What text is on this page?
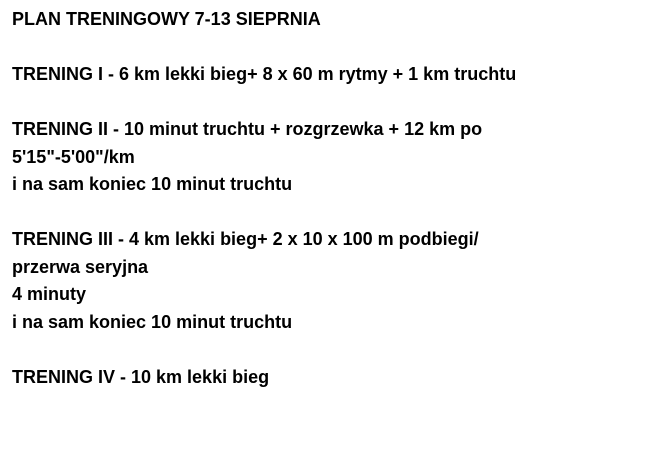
PLAN TRENINGOWY 7-13 SIEPRNIA

TRENING I - 6 km lekki bieg+ 8 x 60 m rytmy + 1 km truchtu

TRENING II - 10 minut truchtu + rozgrzewka + 12 km po

5'15"-5'00"/km

i na sam koniec 10 minut truchtu

TRENING III - 4 km lekki bieg+ 2 x 10 x 100 m podbiegi/

przerwa seryjna

4 minuty

i na sam koniec 10 minut truchtu

TRENING IV - 10 km lekki bieg
